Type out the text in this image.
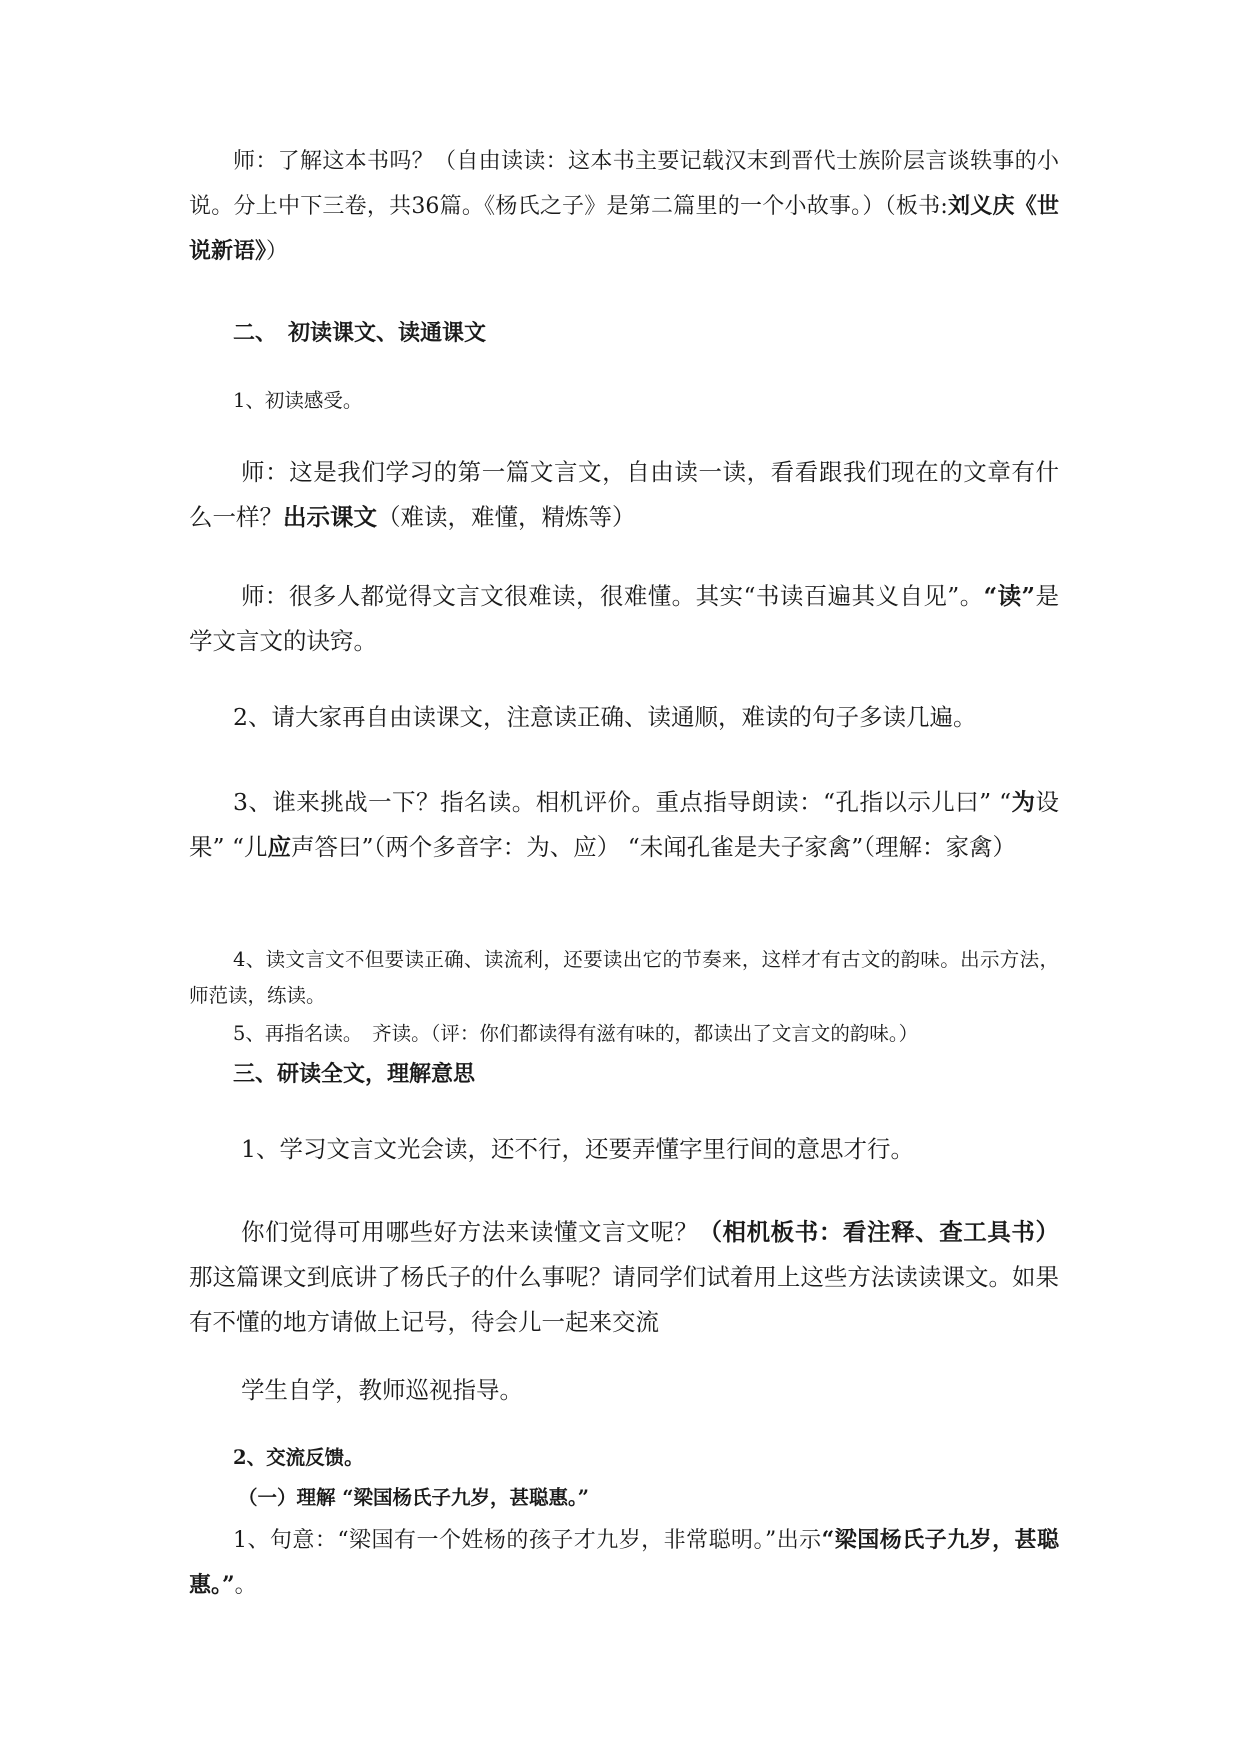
师：了解这本书吗？（自由读读：这本书主要记载汉末到晋代士族阶层言谈轶事的小说。分上中下三卷，共36篇。《杨氏之子》是第二篇里的一个小故事。）（板书:刘义庆《世说新语》）

二、　初读课文、读通课文

1、初读感受。

师：这是我们学习的第一篇文言文，自由读一读，看看跟我们现在的文章有什么一样？出示课文（难读，难懂，精炼等）

师：很多人都觉得文言文很难读，很难懂。其实“书读百遍其义自见”。“读”是学文言文的诀窍。

2、请大家再自由读课文，注意读正确、读通顺，难读的句子多读几遍。

3、谁来挑战一下？指名读。相机评价。重点指导朗读：“孔指以示儿曰” “为设果” “儿应声答曰”（两个多音字：为、应） “未闻孔雀是夫子家禽”（理解：家禽）

4、读文言文不但要读正确、读流利，还要读出它的节奏来，这样才有古文的韵味。出示方法，师范读，练读。

5、再指名读。　齐读。（评：你们都读得有滋有味的，都读出了文言文的韵味。）

三、研读全文，理解意思

1、学习文言文光会读，还不行，还要弄懂字里行间的意思才行。

你们觉得可用哪些好方法来读懂文言文呢？（相机板书：看注释、查工具书）那这篇课文到底讲了杨氏子的什么事呢？请同学们试着用上这些方法读读课文。如果有不懂的地方请做上记号，待会儿一起来交流

学生自学，教师巡视指导。

2、交流反馈。

（一）理解 “梁国杨氏子九岁，甚聪惠。”

1、句意：“梁国有一个姓杨的孩子才九岁，非常聪明。”出示“梁国杨氏子九岁，甚聪惠。”。
